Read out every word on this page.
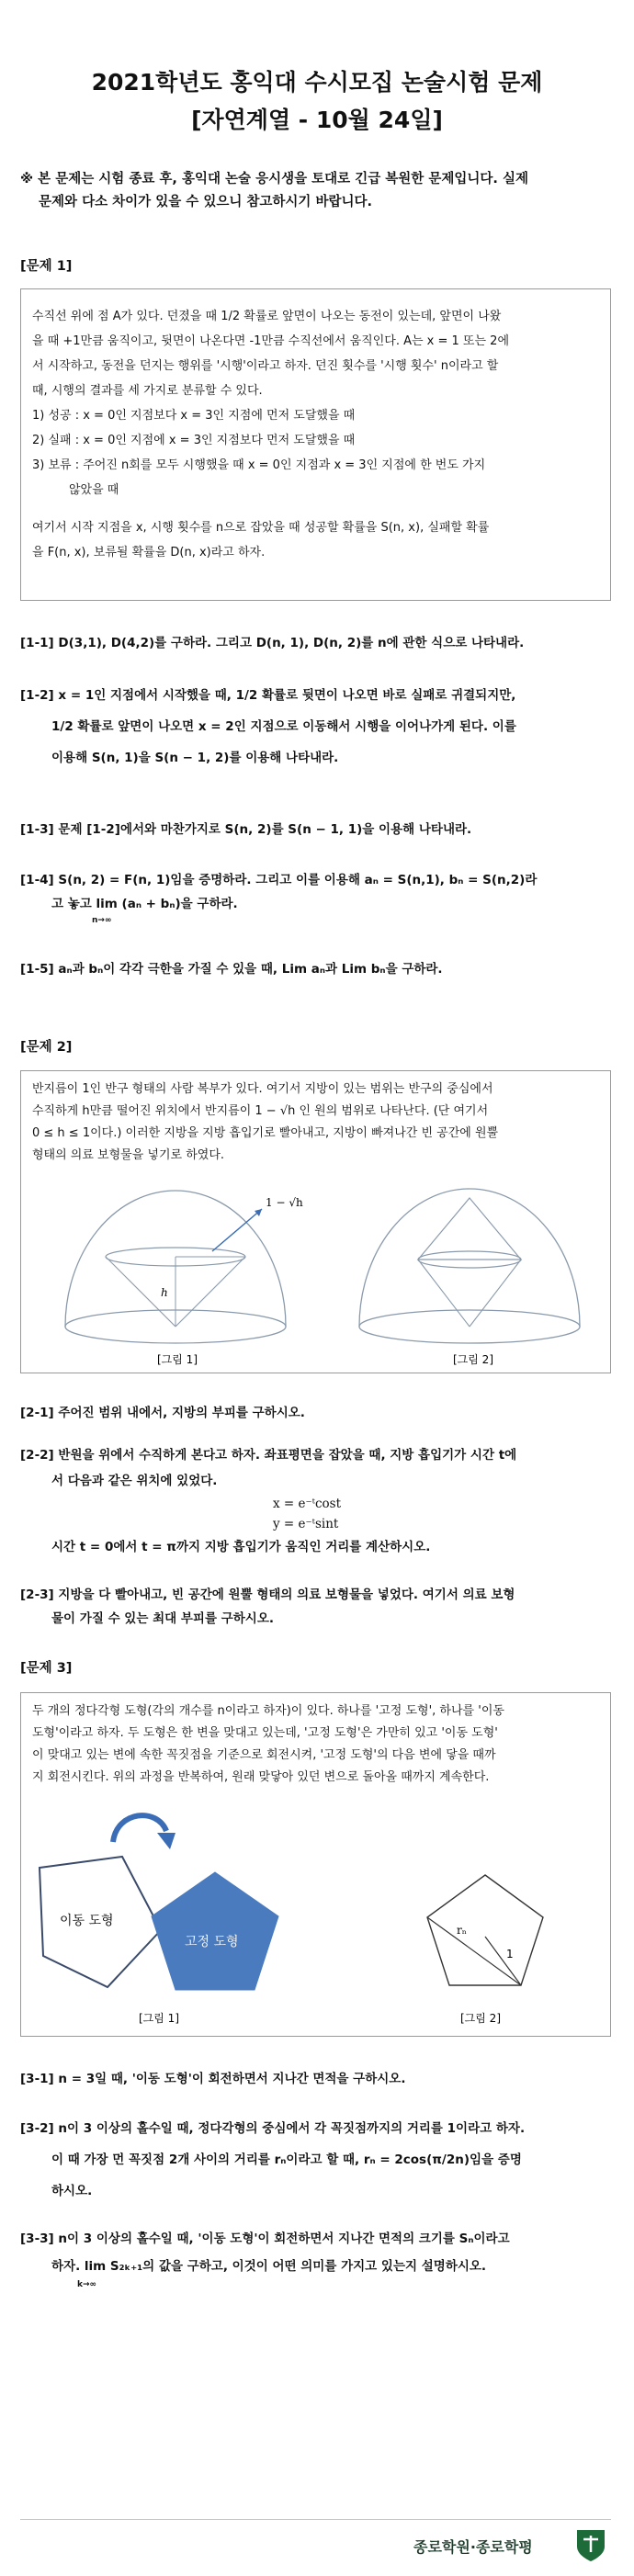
2021학년도 홍익대 수시모집 논술시험 문제
[자연계열 - 10월 24일]
※ 본 문제는 시험 종료 후, 홍익대 논술 응시생을 토대로 긴급 복원한 문제입니다. 실제
문제와 다소 차이가 있을 수 있으니 참고하시기 바랍니다.
[문제 1]

수직선 위에 점 A가 있다. 던졌을 때 1/2 확률로 앞면이 나오는 동전이 있는데, 앞면이 나왔

을 때 +1만큼 움직이고, 뒷면이 나온다면 -1만큼 수직선에서 움직인다. A는 x = 1 또는 2에

서 시작하고, 동전을 던지는 행위를 '시행'이라고 하자. 던진 횟수를 '시행 횟수' n이라고 할

때, 시행의 결과를 세 가지로 분류할 수 있다.

1) 성공 : x = 0인 지점보다 x = 3인 지점에 먼저 도달했을 때

2) 실패 : x = 0인 지점에 x = 3인 지점보다 먼저 도달했을 때

3) 보류 : 주어진 n회를 모두 시행했을 때 x = 0인 지점과 x = 3인 지점에 한 번도 가지

않았을 때

여기서 시작 지점을 x, 시행 횟수를 n으로 잡았을 때 성공할 확률을 S(n, x), 실패할 확률

을 F(n, x), 보류될 확률을 D(n, x)라고 하자.

[1-1] D(3,1), D(4,2)를 구하라. 그리고 D(n, 1), D(n, 2)를 n에 관한 식으로 나타내라.

[1-2] x = 1인 지점에서 시작했을 때, 1/2 확률로 뒷면이 나오면 바로 실패로 귀결되지만,

1/2 확률로 앞면이 나오면 x = 2인 지점으로 이동해서 시행을 이어나가게 된다. 이를

이용해 S(n, 1)을 S(n − 1, 2)를 이용해 나타내라.

[1-3] 문제 [1-2]에서와 마찬가지로 S(n, 2)를 S(n − 1, 1)을 이용해 나타내라.

[1-4] S(n, 2) = F(n, 1)임을 증명하라. 그리고 이를 이용해 aₙ = S(n,1), bₙ = S(n,2)라

고 놓고 lim (aₙ + bₙ)을 구하라.

n→∞

[1-5] aₙ과 bₙ이 각각 극한을 가질 수 있을 때, Lim aₙ과 Lim bₙ을 구하라.
[문제 2]

반지름이 1인 반구 형태의 사람 복부가 있다. 여기서 지방이 있는 범위는 반구의 중심에서

수직하게 h만큼 떨어진 위치에서 반지름이 1 − √h 인 원의 범위로 나타난다. (단 여기서

0 ≤ h ≤ 1이다.) 이러한 지방을 지방 흡입기로 빨아내고, 지방이 빠져나간 빈 공간에 원뿔

형태의 의료 보형물을 넣기로 하였다.

1 − √h
h
[그림 1]	[그림 2]
[2-1] 주어진 범위 내에서, 지방의 부피를 구하시오.

[2-2] 반원을 위에서 수직하게 본다고 하자. 좌표평면을 잡았을 때, 지방 흡입기가 시간 t에

서 다음과 같은 위치에 있었다.

x = e⁻ᵗcost

y = e⁻ᵗsint

시간 t = 0에서 t = π까지 지방 흡입기가 움직인 거리를 계산하시오.

[2-3] 지방을 다 빨아내고, 빈 공간에 원뿔 형태의 의료 보형물을 넣었다. 여기서 의료 보형

물이 가질 수 있는 최대 부피를 구하시오.

[문제 3]

두 개의 정다각형 도형(각의 개수를 n이라고 하자)이 있다. 하나를 '고정 도형', 하나를 '이동

도형'이라고 하자. 두 도형은 한 변을 맞대고 있는데, '고정 도형'은 가만히 있고 '이동 도형'

이 맞대고 있는 변에 속한 꼭짓점을 기준으로 회전시켜, '고정 도형'의 다음 변에 닿을 때까

지 회전시킨다. 위의 과정을 반복하여, 원래 맞닿아 있던 변으로 돌아올 때까지 계속한다.

이동 도형
고정 도형
[그림 1]
rₙ
1
[그림 2]
[3-1] n = 3일 때, '이동 도형'이 회전하면서 지나간 면적을 구하시오.

[3-2] n이 3 이상의 홀수일 때, 정다각형의 중심에서 각 꼭짓점까지의 거리를 1이라고 하자.

이 때 가장 먼 꼭짓점 2개 사이의 거리를 rₙ이라고 할 때, rₙ = 2cos(π/2n)임을 증명

하시오.

[3-3] n이 3 이상의 홀수일 때, '이동 도형'이 회전하면서 지나간 면적의 크기를 Sₙ이라고

하자. lim S₂ₖ₊₁의 값을 구하고, 이것이 어떤 의미를 가지고 있는지 설명하시오.

k→∞

종로학원·종로학평
